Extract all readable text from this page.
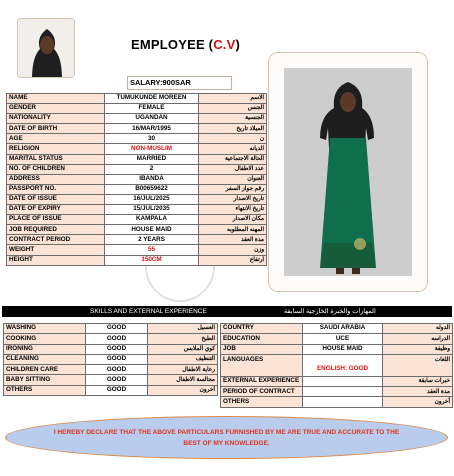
EMPLOYEE (C.V)
SALARY:900SAR
NAME	TUMUKUNDE MOREEN	الاسم
GENDER	FEMALE	الجنس
NATIONALITY	UGANDAN	الجنسية
DATE OF BIRTH	16/MAR/1995	الميلاد تاريخ
AGE	30	ن
RELIGION	NON-MUSLIM	الديانه
MARITAL STATUS	MARRIED	الحالة الاجتماعية
NO. OF CHILDREN	2	عدد الاطفال
ADDRESS	IBANDA	العنوان
PASSPORT NO.	B00659622	رقم جواز السفر
DATE OF ISSUE	16/JUL/2025	تاريخ الاصدار
DATE OF EXPIRY	15/JUL/2035	تاريخ الانتهاء
PLACE OF ISSUE	KAMPALA	مكان الاصدار
JOB REQUIRED	HOUSE MAID	المهنه المطلوبه
CONTRACT PERIOD	2 YEARS	مدة العقد
WEIGHT	55	وزن
HEIGHT	150CM	ارتفاع
SKILLS AND EXTERNAL EXPERIENCE	المهارات والخبرة الخارجية السابقة
WASHING	GOOD	الغسيل
COOKING	GOOD	الطبخ
IRONING	GOOD	كوي الملابس
CLEANING	GOOD	التنظيف
CHILDREN CARE	GOOD	رعاية الاطفال
BABY SITTING	GOOD	مجالسة الاطفال
OTHERS	GOOD	أخرون
COUNTRY	SAUDI ARABIA	الدوله
EDUCATION	UCE	الدراسه
JOB	HOUSE MAID	وظيفة
LANGUAGES	ENGLISH: GOOD	اللغات
EXTERNAL EXPERIENCE		خبرات سابقة
PERIOD OF CONTRACT		مدة العقد
OTHERS		أخرون

I HEREBY DECLARE THAT THE ABOVE PARTICULARS FURNISHED BY ME ARE TRUE AND ACCURATE TO THE BEST OF MY KNOWLEDGE.
